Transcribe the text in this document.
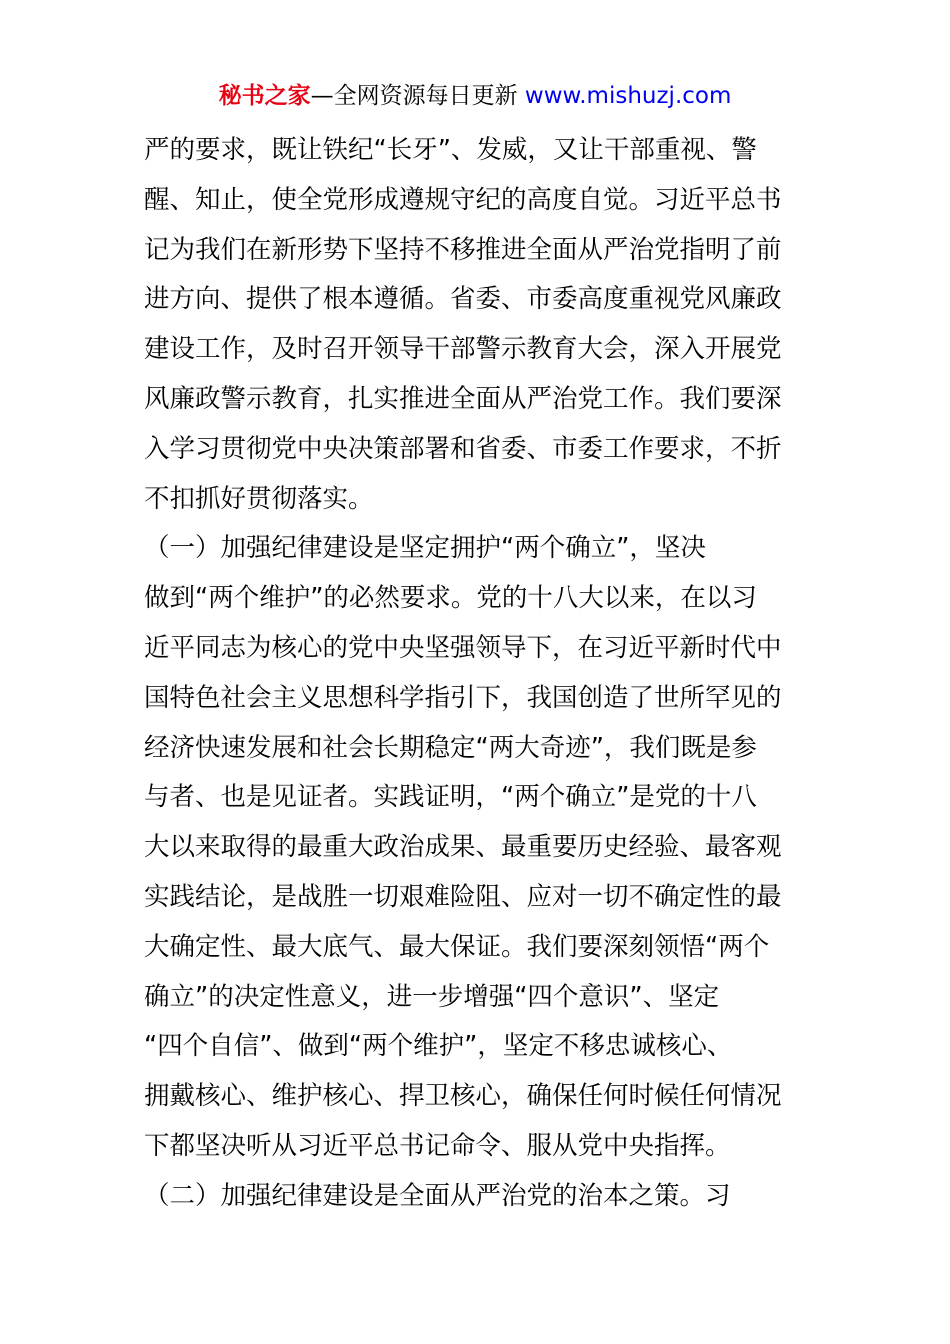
秘书之家—全网资源每日更新 www.mishuzj.com
严的要求，既让铁纪“长牙”、发威，又让干部重视、警
醒、知止，使全党形成遵规守纪的高度自觉。习近平总书
记为我们在新形势下坚持不移推进全面从严治党指明了前
进方向、提供了根本遵循。省委、市委高度重视党风廉政
建设工作，及时召开领导干部警示教育大会，深入开展党
风廉政警示教育，扎实推进全面从严治党工作。我们要深
入学习贯彻党中央决策部署和省委、市委工作要求，不折
不扣抓好贯彻落实。
（一）加强纪律建设是坚定拥护“两个确立”，坚决
做到“两个维护”的必然要求。党的十八大以来，在以习
近平同志为核心的党中央坚强领导下，在习近平新时代中
国特色社会主义思想科学指引下，我国创造了世所罕见的
经济快速发展和社会长期稳定“两大奇迹”，我们既是参
与者、也是见证者。实践证明，“两个确立”是党的十八
大以来取得的最重大政治成果、最重要历史经验、最客观
实践结论，是战胜一切艰难险阻、应对一切不确定性的最
大确定性、最大底气、最大保证。我们要深刻领悟“两个
确立”的决定性意义，进一步增强“四个意识”、坚定
“四个自信”、做到“两个维护”，坚定不移忠诚核心、
拥戴核心、维护核心、捍卫核心，确保任何时候任何情况
下都坚决听从习近平总书记命令、服从党中央指挥。
（二）加强纪律建设是全面从严治党的治本之策。习
